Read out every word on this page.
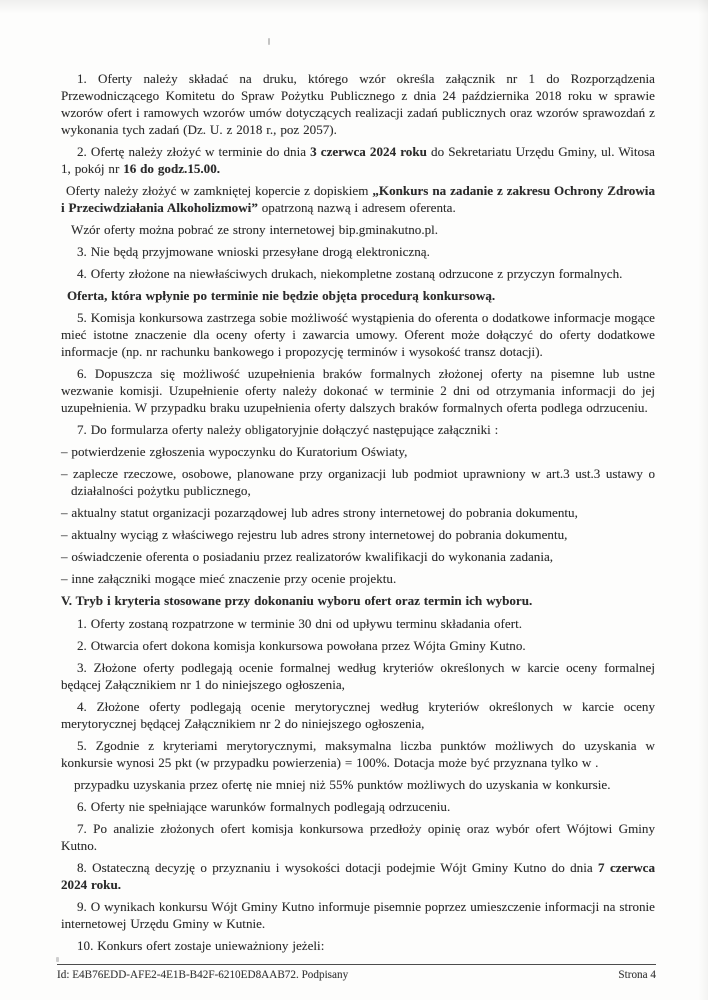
1. Oferty należy składać na druku, którego wzór określa załącznik nr 1 do Rozporządzenia Przewodniczącego Komitetu do Spraw Pożytku Publicznego z dnia 24 października 2018 roku w sprawie wzorów ofert i ramowych wzorów umów dotyczących realizacji zadań publicznych oraz wzorów sprawozdań z wykonania tych zadań (Dz. U. z 2018 r., poz 2057).

2. Ofertę należy złożyć w terminie do dnia 3 czerwca 2024 roku do Sekretariatu Urzędu Gminy, ul. Witosa 1, pokój nr 16 do godz.15.00.

Oferty należy złożyć w zamkniętej kopercie z dopiskiem „Konkurs na zadanie z zakresu Ochrony Zdrowia i Przeciwdziałania Alkoholizmowi” opatrzoną nazwą i adresem oferenta.

Wzór oferty można pobrać ze strony internetowej bip.gminakutno.pl.

3. Nie będą przyjmowane wnioski przesyłane drogą elektroniczną.

4. Oferty złożone na niewłaściwych drukach, niekompletne zostaną odrzucone z przyczyn formalnych.

Oferta, która wpłynie po terminie nie będzie objęta procedurą konkursową.

5. Komisja konkursowa zastrzega sobie możliwość wystąpienia do oferenta o dodatkowe informacje mogące mieć istotne znaczenie dla oceny oferty i zawarcia umowy. Oferent może dołączyć do oferty dodatkowe informacje (np. nr rachunku bankowego i propozycję terminów i wysokość transz dotacji).

6. Dopuszcza się możliwość uzupełnienia braków formalnych złożonej oferty na pisemne lub ustne wezwanie komisji. Uzupełnienie oferty należy dokonać w terminie 2 dni od otrzymania informacji do jej uzupełnienia. W przypadku braku uzupełnienia oferty dalszych braków formalnych oferta podlega odrzuceniu.

7. Do formularza oferty należy obligatoryjnie dołączyć następujące załączniki :

– potwierdzenie zgłoszenia wypoczynku do Kuratorium Oświaty,

– zaplecze rzeczowe, osobowe, planowane przy organizacji lub podmiot uprawniony w art.3 ust.3 ustawy o działalności pożytku publicznego,

– aktualny statut organizacji pozarządowej lub adres strony internetowej do pobrania dokumentu,

– aktualny wyciąg z właściwego rejestru lub adres strony internetowej do pobrania dokumentu,

– oświadczenie oferenta o posiadaniu przez realizatorów kwalifikacji do wykonania zadania,

– inne załączniki mogące mieć znaczenie przy ocenie projektu.

V. Tryb i kryteria stosowane przy dokonaniu wyboru ofert oraz termin ich wyboru.

1. Oferty zostaną rozpatrzone w terminie 30 dni od upływu terminu składania ofert.

2. Otwarcia ofert dokona komisja konkursowa powołana przez Wójta Gminy Kutno.

3. Złożone oferty podlegają ocenie formalnej według kryteriów określonych w karcie oceny formalnej będącej Załącznikiem nr 1 do niniejszego ogłoszenia,

4. Złożone oferty podlegają ocenie merytorycznej według kryteriów określonych w karcie oceny merytorycznej będącej Załącznikiem nr 2 do niniejszego ogłoszenia,

5. Zgodnie z kryteriami merytorycznymi, maksymalna liczba punktów możliwych do uzyskania w konkursie wynosi 25 pkt (w przypadku powierzenia) = 100%. Dotacja może być przyznana tylko w .

przypadku uzyskania przez ofertę nie mniej niż 55% punktów możliwych do uzyskania w konkursie.

6. Oferty nie spełniające warunków formalnych podlegają odrzuceniu.

7. Po analizie złożonych ofert komisja konkursowa przedłoży opinię oraz wybór ofert Wójtowi Gminy Kutno.

8. Ostateczną decyzję o przyznaniu i wysokości dotacji podejmie Wójt Gminy Kutno do dnia 7 czerwca 2024 roku.

9. O wynikach konkursu Wójt Gminy Kutno informuje pisemnie poprzez umieszczenie informacji na stronie internetowej Urzędu Gminy w Kutnie.

10. Konkurs ofert zostaje unieważniony jeżeli:

Id: E4B76EDD-AFE2-4E1B-B42F-6210ED8AAB72. Podpisany	Strona 4
